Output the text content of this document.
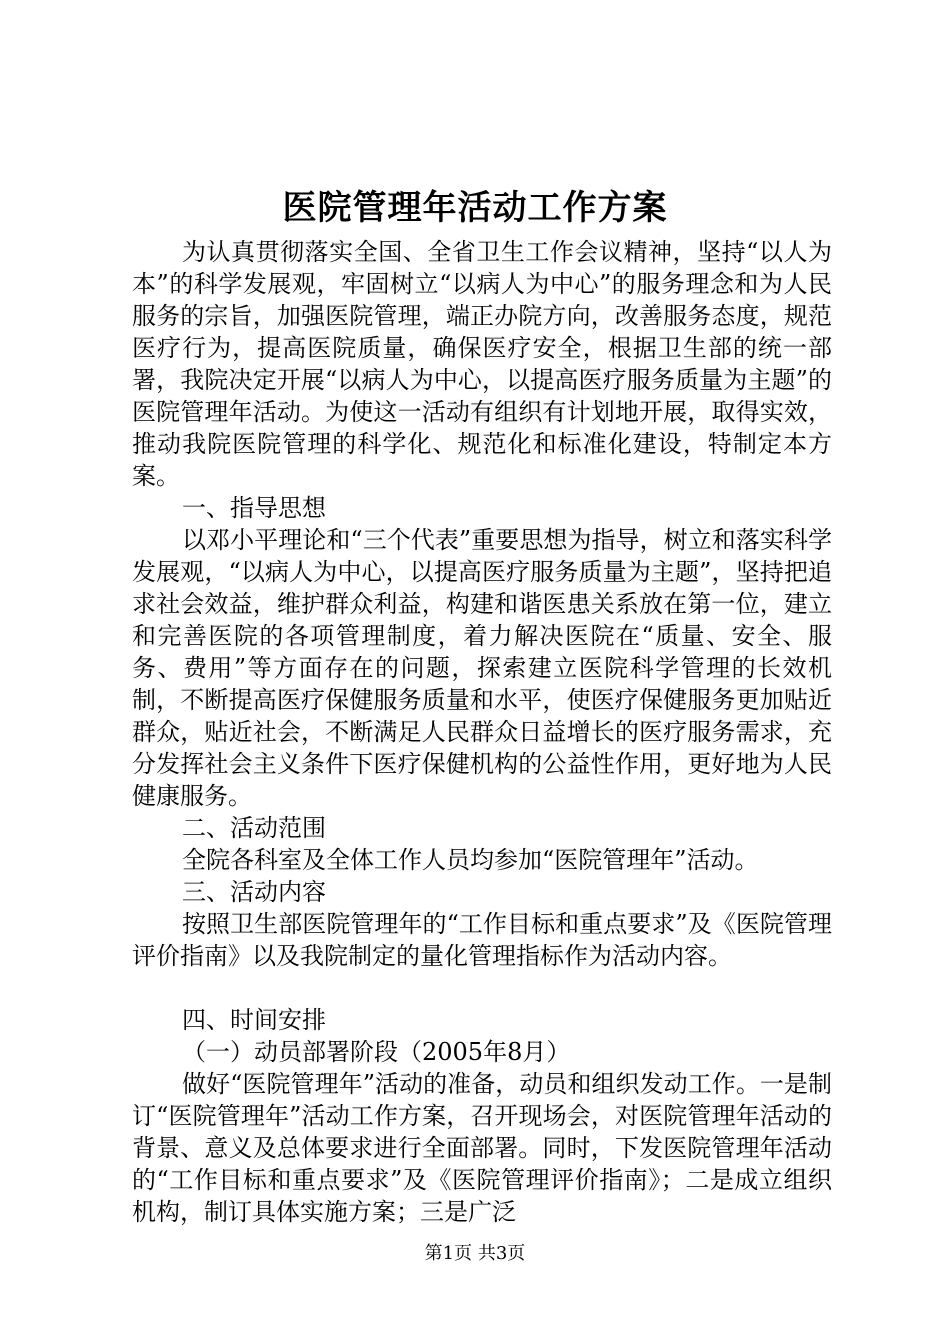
医院管理年活动工作方案

为认真贯彻落实全国、全省卫生工作会议精神，坚持“以人为本”的科学发展观，牢固树立“以病人为中心”的服务理念和为人民服务的宗旨，加强医院管理，端正办院方向，改善服务态度，规范医疗行为，提高医院质量，确保医疗安全，根据卫生部的统一部署，我院决定开展“以病人为中心，以提高医疗服务质量为主题”的医院管理年活动。为使这一活动有组织有计划地开展，取得实效，推动我院医院管理的科学化、规范化和标准化建设，特制定本方案。

一、指导思想

以邓小平理论和“三个代表”重要思想为指导，树立和落实科学发展观，“以病人为中心，以提高医疗服务质量为主题”，坚持把追求社会效益，维护群众利益，构建和谐医患关系放在第一位，建立和完善医院的各项管理制度，着力解决医院在“质量、安全、服务、费用”等方面存在的问题，探索建立医院科学管理的长效机制，不断提高医疗保健服务质量和水平，使医疗保健服务更加贴近群众，贴近社会，不断满足人民群众日益增长的医疗服务需求，充分发挥社会主义条件下医疗保健机构的公益性作用，更好地为人民健康服务。

二、活动范围

全院各科室及全体工作人员均参加“医院管理年”活动。

三、活动内容

按照卫生部医院管理年的“工作目标和重点要求”及《医院管理评价指南》以及我院制定的量化管理指标作为活动内容。

四、时间安排

（一）动员部署阶段（2005年8月）

做好“医院管理年”活动的准备，动员和组织发动工作。一是制订“医院管理年”活动工作方案，召开现场会，对医院管理年活动的背景、意义及总体要求进行全面部署。同时，下发医院管理年活动的“工作目标和重点要求”及《医院管理评价指南》；二是成立组织机构，制订具体实施方案；三是广泛

第1页 共3页
